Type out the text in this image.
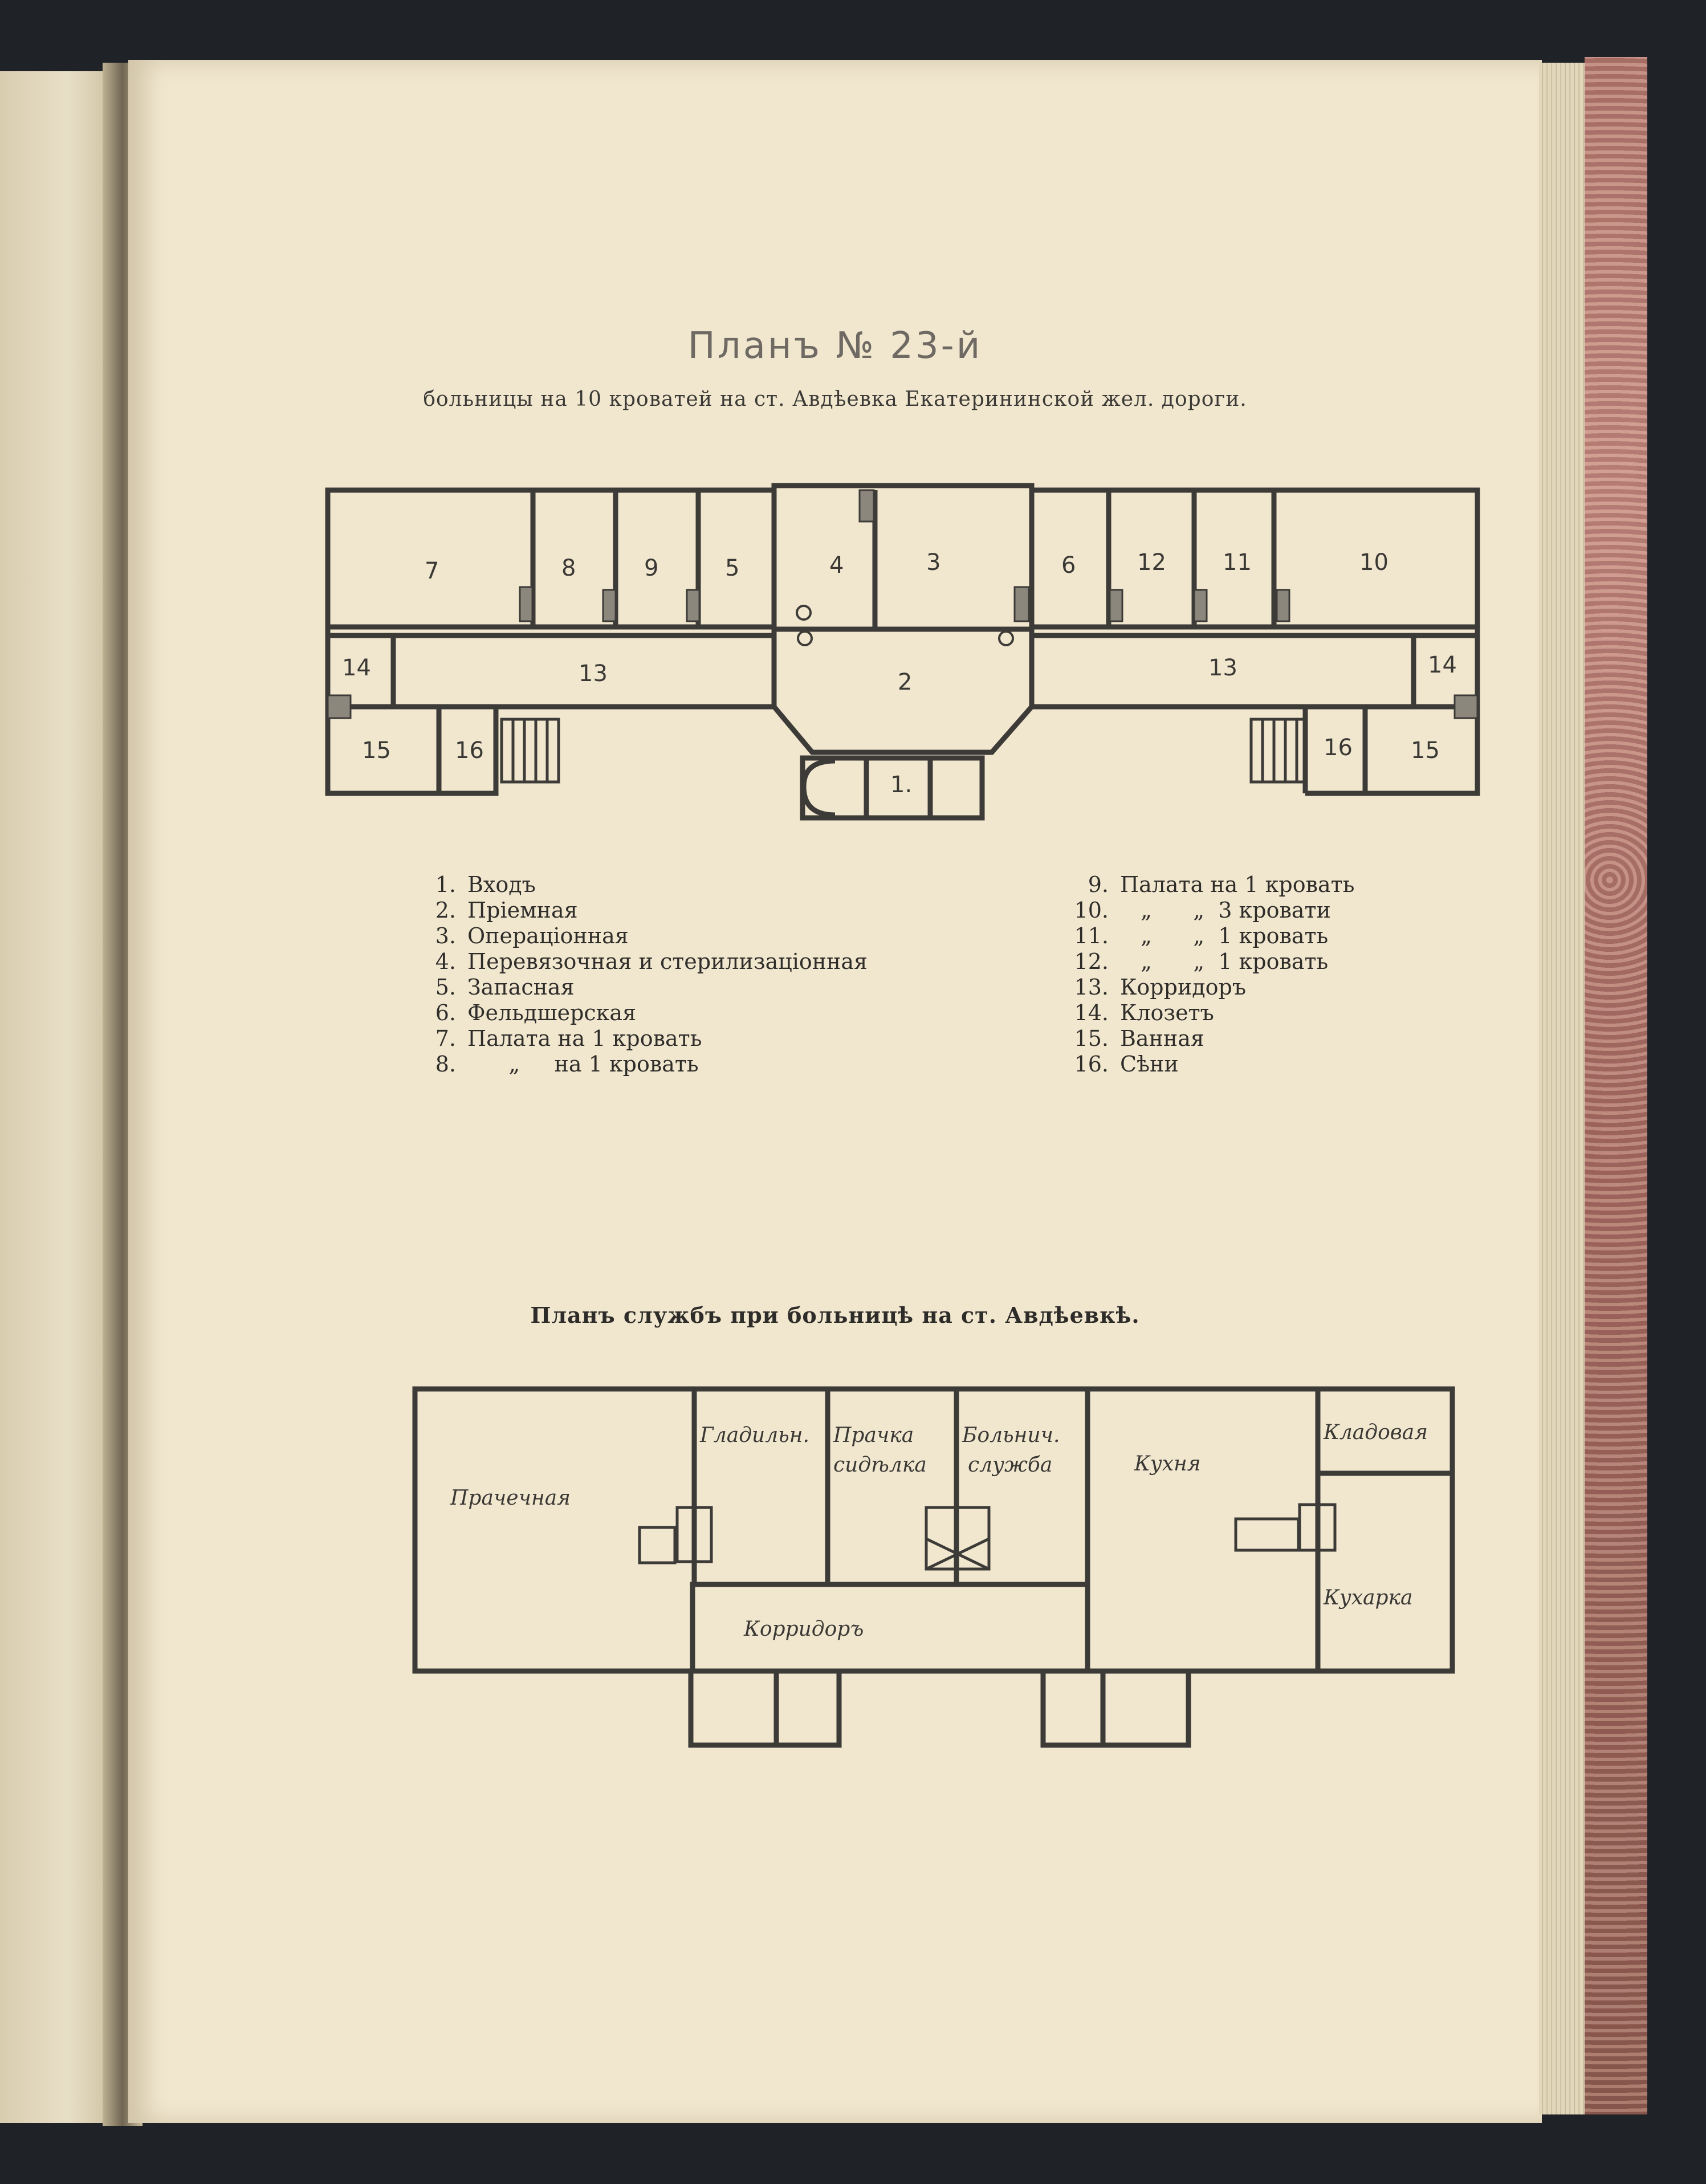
Планъ № 23-й
больницы на 10 кроватей на ст. Авдѣевка Екатерининской жел. дороги.
7	8	9	5	4	3	6	12 11	10
14	13	2
13	14
15	16
1.
16	15
1. Входъ
2. Пріемная
3. Операціонная
4. Перевязочная и стерилизаціонная
5. Запасная
6. Фельдшерская
7. Палата на 1 кровать
8.      „     на 1 кровать
9. Палата на 1 кровать
10.   „      „  3 кровати
11.   „      „  1 кровать
12.   „      „  1 кровать
13. Корридоръ
14. Клозетъ
15. Ванная
16. Сѣни
Планъ службъ при больницѣ на ст. Авдѣевкѣ.
Прачечная
Гладильн. Прачка
сидѣлка
Больнич.
служба	Кухня
Кладовая
Кухарка
Корридоръ
